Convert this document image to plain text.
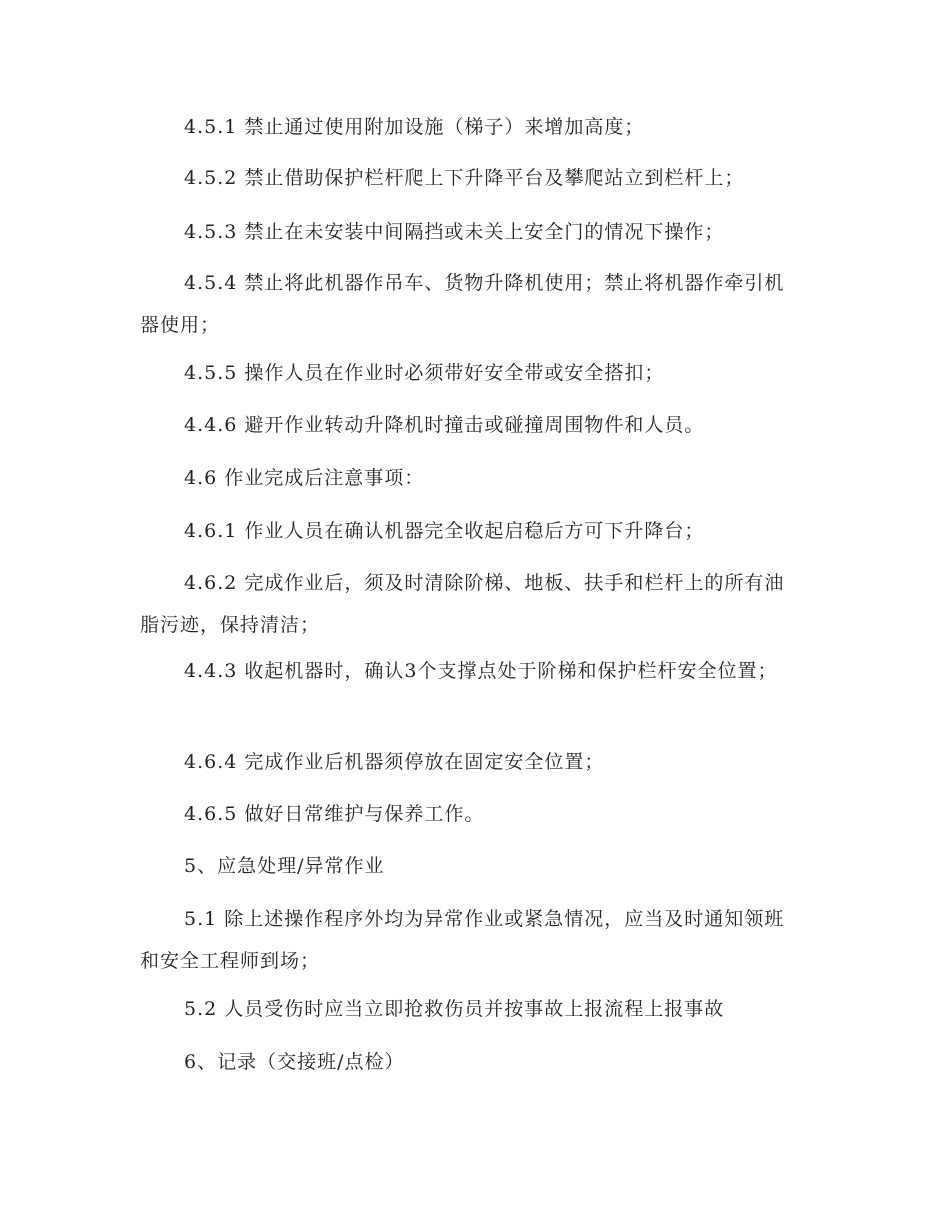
4.5.1 禁止通过使用附加设施（梯子）来增加高度；

4.5.2 禁止借助保护栏杆爬上下升降平台及攀爬站立到栏杆上；

4.5.3 禁止在未安装中间隔挡或未关上安全门的情况下操作；

4.5.4 禁止将此机器作吊车、货物升降机使用；禁止将机器作牵引机器使用；

4.5.5 操作人员在作业时必须带好安全带或安全搭扣；

4.4.6 避开作业转动升降机时撞击或碰撞周围物件和人员。

4.6 作业完成后注意事项：

4.6.1 作业人员在确认机器完全收起启稳后方可下升降台；

4.6.2 完成作业后，须及时清除阶梯、地板、扶手和栏杆上的所有油脂污迹，保持清洁；

4.4.3 收起机器时，确认3个支撑点处于阶梯和保护栏杆安全位置；

4.6.4 完成作业后机器须停放在固定安全位置；

4.6.5 做好日常维护与保养工作。

5、应急处理/异常作业

5.1 除上述操作程序外均为异常作业或紧急情况，应当及时通知领班和安全工程师到场；

5.2 人员受伤时应当立即抢救伤员并按事故上报流程上报事故

6、记录（交接班/点检）
